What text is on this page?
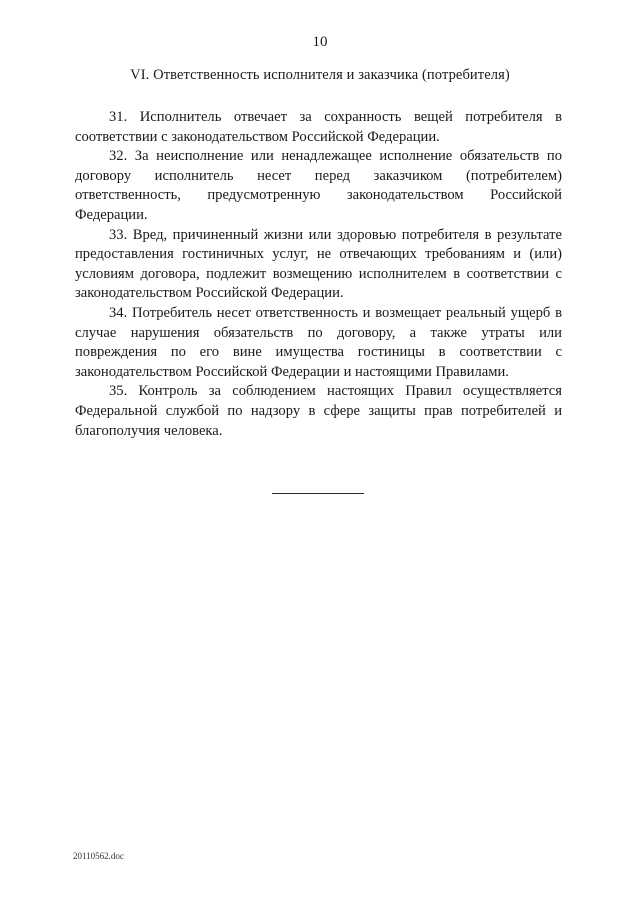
10
VI. Ответственность исполнителя и заказчика (потребителя)

31. Исполнитель отвечает за сохранность вещей потребителя в соответствии с законодательством Российской Федерации.

32. За неисполнение или ненадлежащее исполнение обязательств по договору исполнитель несет перед заказчиком (потребителем) ответственность, предусмотренную законодательством Российской Федерации.

33. Вред, причиненный жизни или здоровью потребителя в результате предоставления гостиничных услуг, не отвечающих требованиям и (или) условиям договора, подлежит возмещению исполнителем в соответствии с законодательством Российской Федерации.

34. Потребитель несет ответственность и возмещает реальный ущерб в случае нарушения обязательств по договору, а также утраты или повреждения по его вине имущества гостиницы в соответствии с законодательством Российской Федерации и настоящими Правилами.

35. Контроль за соблюдением настоящих Правил осуществляется Федеральной службой по надзору в сфере защиты прав потребителей и благополучия человека.

20110562.doc
